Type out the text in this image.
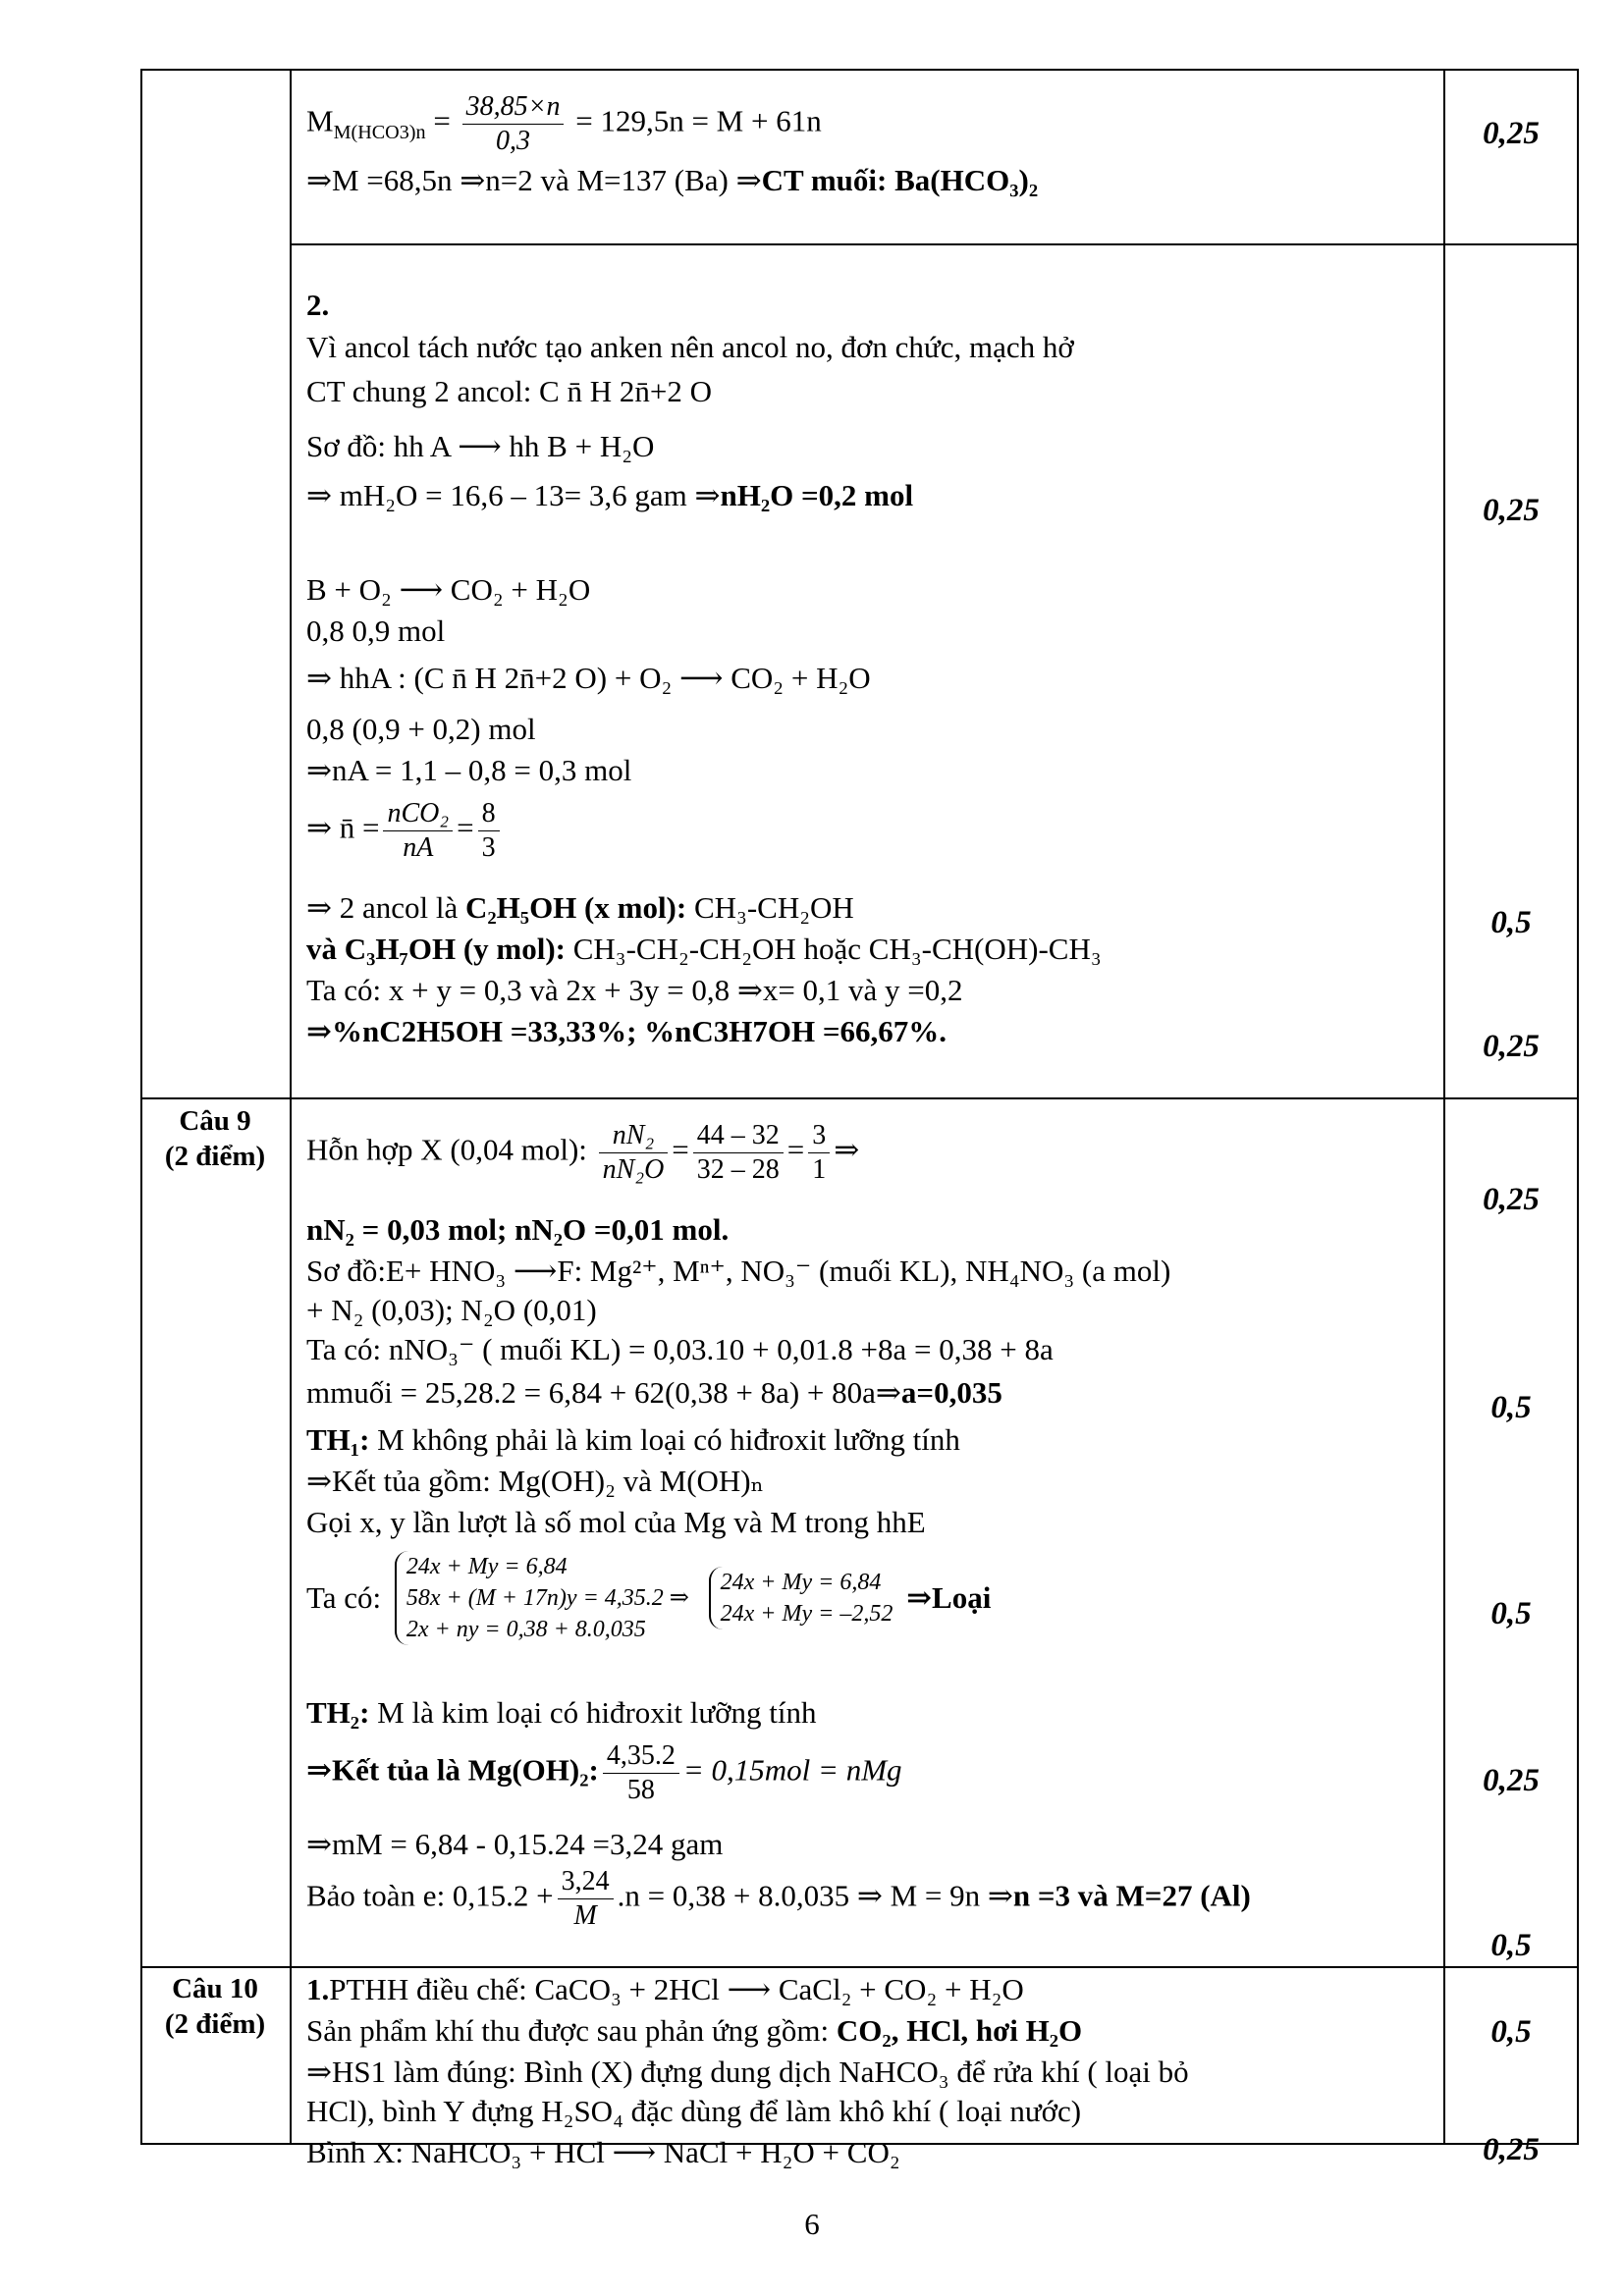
$M_{M(HCO3)n} = \frac{38,85\times n}{0,3} = 129,5n = M + 61n$
⇒M =68,5n ⇒n=2 và M=137 (Ba) ⇒CT muối: Ba(HCO₃)₂
0,25
2.
Vì ancol tách nước tạo anken nên ancol no, đơn chức, mạch hở
CT chung 2 ancol: C n̄ H 2n̄+2 O
Sơ đồ: hh A ⟶ hh B + H₂O
⇒ mH₂O = 16,6 – 13= 3,6 gam ⇒nH₂O =0,2 mol
B + O₂ ⟶ CO₂ + H₂O
0,8 0,9 mol
⇒ hhA : (C n̄ H 2n̄+2 O) + O₂ ⟶ CO₂ + H₂O
0,8 (0,9 + 0,2) mol
⇒nA = 1,1 – 0,8 = 0,3 mol
⇒ n̄ = $\frac{\text{nCO₂}}{nA} = \frac{8}{3}$
⇒ 2 ancol là C₂H₅OH (x mol): CH₃-CH₂OH
và C₃H₇OH (y mol): CH₃-CH₂-CH₂OH hoặc CH₃-CH(OH)-CH₃
Ta có: x + y = 0,3 và 2x + 3y = 0,8 ⇒x= 0,1 và y =0,2
⇒%nC2H5OH =33,33%; %nC3H7OH =66,67%.
0,25
0,5
0,25
Câu 9
(2 điểm)	Hỗn hợp X (0,04 mol): $\frac{\text{nN₂}}{\text{nN₂O}} = \frac{44 - 32}{32 - 28} = \frac{3}{1}$ ⇒
nN₂ = 0,03 mol; nN₂O =0,01 mol.
Sơ đồ:E+ HNO₃ ⟶F: Mg²⁺, Mⁿ⁺, NO₃⁻ (muối KL), NH₄NO₃ (a mol)
+ N₂ (0,03); N₂O (0,01)
Ta có: nNO₃⁻ ( muối KL) = 0,03.10 + 0,01.8 +8a = 0,38 + 8a
mmuối = 25,28.2 = 6,84 + 62(0,38 + 8a) + 80a⇒a=0,035
TH₁: M không phải là kim loại có hiđroxit lưỡng tính
⇒Kết tủa gồm: Mg(OH)₂ và M(OH)ₙ
Gọi x, y lần lượt là số mol của Mg và M trong hhE
Ta có:
24x + My = 6,84
58x + (M + 17n)y = 4,35.2 ⇒
2x + ny = 0,38 + 8.0,035

24x + My = 6,84
24x + My = –2,52 ⇒Loại
TH₂: M là kim loại có hiđroxit lưỡng tính
⇒Kết tủa là Mg(OH)₂: $\frac{4,35.2}{58} = 0,15mol$ = nMg
⇒mM = 6,84 - 0,15.24 =3,24 gam
Bảo toàn e: $0,15.2 + \frac{3,24}{M} .n = 0,38 + 8.0,035$ ⇒ M = 9n ⇒n =3 và M=27 (Al)
0,25
0,5
0,5
0,25
0,5
Câu 10
(2 điểm)
1.PTHH điều chế: CaCO₃ + 2HCl ⟶ CaCl₂ + CO₂ + H₂O
Sản phẩm khí thu được sau phản ứng gồm: CO₂, HCl, hơi H₂O
⇒HS1 làm đúng: Bình (X) đựng dung dịch NaHCO₃ để rửa khí ( loại bỏ
HCl), bình Y đựng H₂SO₄ đặc dùng để làm khô khí ( loại nước)
Bình X: NaHCO₃ + HCl ⟶ NaCl + H₂O + CO₂
0,5
0,25
6
